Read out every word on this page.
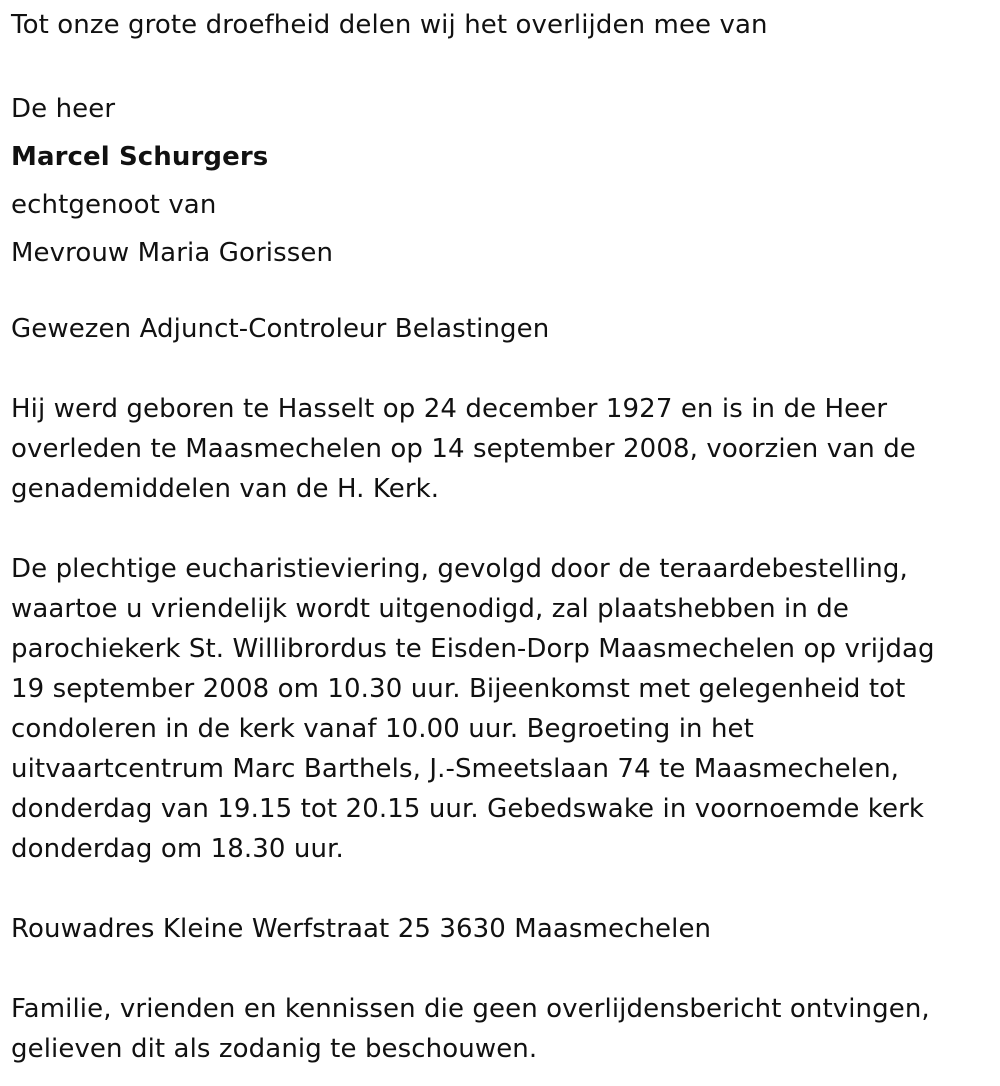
Tot onze grote droefheid delen wij het overlijden mee van
De heer
Marcel Schurgers
echtgenoot van
Mevrouw Maria Gorissen
Gewezen Adjunct-Controleur Belastingen
Hij werd geboren te Hasselt op 24 december 1927 en is in de Heer
overleden te Maasmechelen op 14 september 2008, voorzien van de
genademiddelen van de H. Kerk.
De plechtige eucharistieviering, gevolgd door de teraardebestelling,
waartoe u vriendelijk wordt uitgenodigd, zal plaatshebben in de
parochiekerk St. Willibrordus te Eisden-Dorp Maasmechelen op vrijdag
19 september 2008 om 10.30 uur. Bijeenkomst met gelegenheid tot
condoleren in de kerk vanaf 10.00 uur. Begroeting in het
uitvaartcentrum Marc Barthels, J.-Smeetslaan 74 te Maasmechelen,
donderdag van 19.15 tot 20.15 uur. Gebedswake in voornoemde kerk
donderdag om 18.30 uur.
Rouwadres Kleine Werfstraat 25 3630 Maasmechelen
Familie, vrienden en kennissen die geen overlijdensbericht ontvingen,
gelieven dit als zodanig te beschouwen.
